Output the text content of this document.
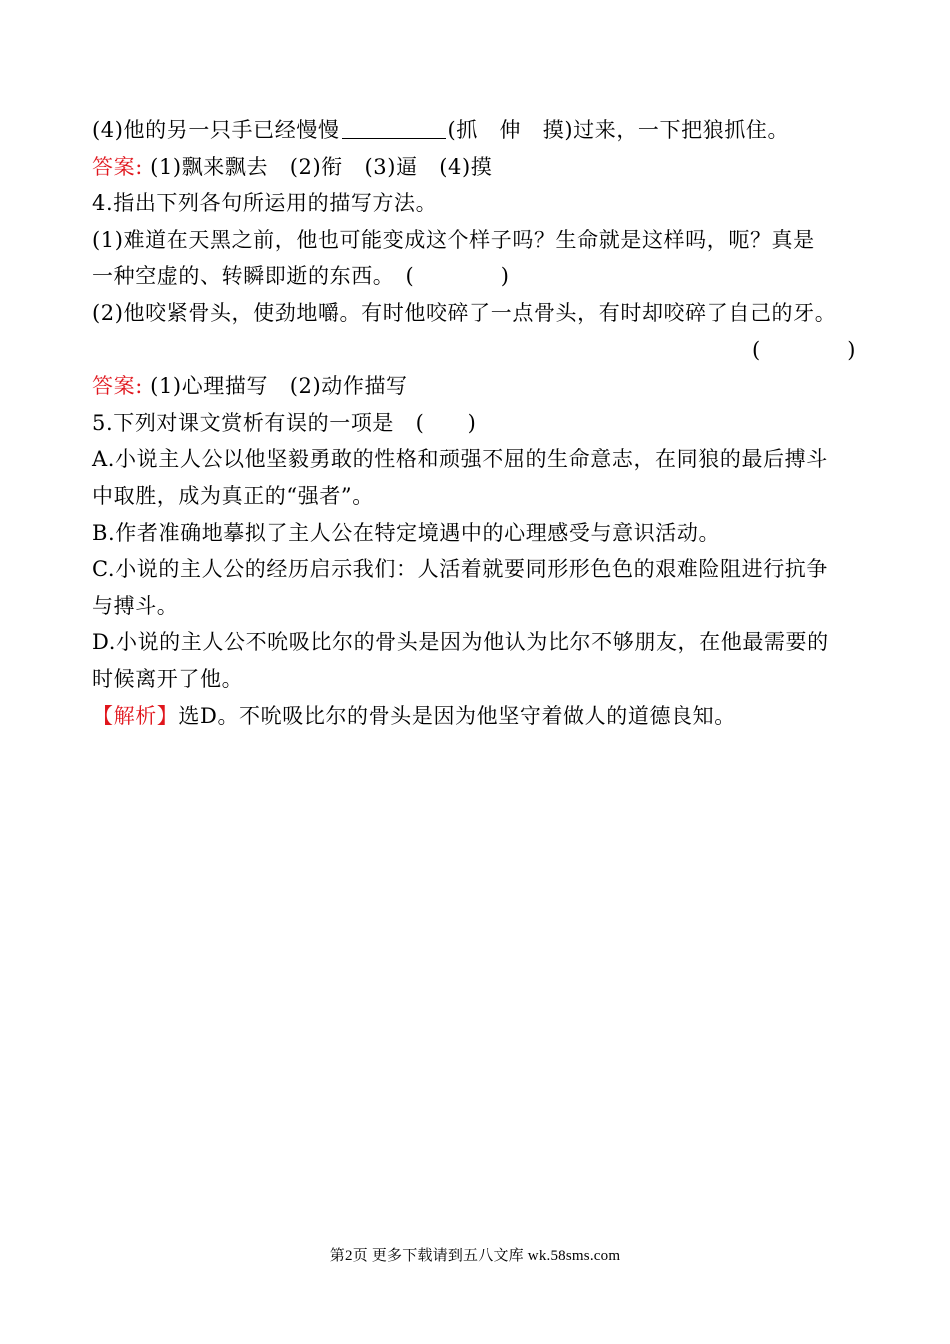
(4)他的另一只手已经慢慢	(抓　伸　摸)过来，一下把狼抓住。
答案: (1)飘来飘去　(2)衔　(3)逼　(4)摸
4.指出下列各句所运用的描写方法。
(1)难道在天黑之前，他也可能变成这个样子吗？生命就是这样吗，呃？真是
一种空虚的、转瞬即逝的东西。　(　　　　)
(2)他咬紧骨头，使劲地嚼。有时他咬碎了一点骨头，有时却咬碎了自己的牙。
(　　　　)
答案: (1)心理描写　(2)动作描写
5.下列对课文赏析有误的一项是　(　　)
A.小说主人公以他坚毅勇敢的性格和顽强不屈的生命意志，在同狼的最后搏斗
中取胜，成为真正的“强者”。
B.作者准确地摹拟了主人公在特定境遇中的心理感受与意识活动。
C.小说的主人公的经历启示我们：人活着就要同形形色色的艰难险阻进行抗争
与搏斗。
D.小说的主人公不吮吸比尔的骨头是因为他认为比尔不够朋友，在他最需要的
时候离开了他。
【解析】选D。不吮吸比尔的骨头是因为他坚守着做人的道德良知。
第2页 更多下载请到五八文库 wk.58sms.com
